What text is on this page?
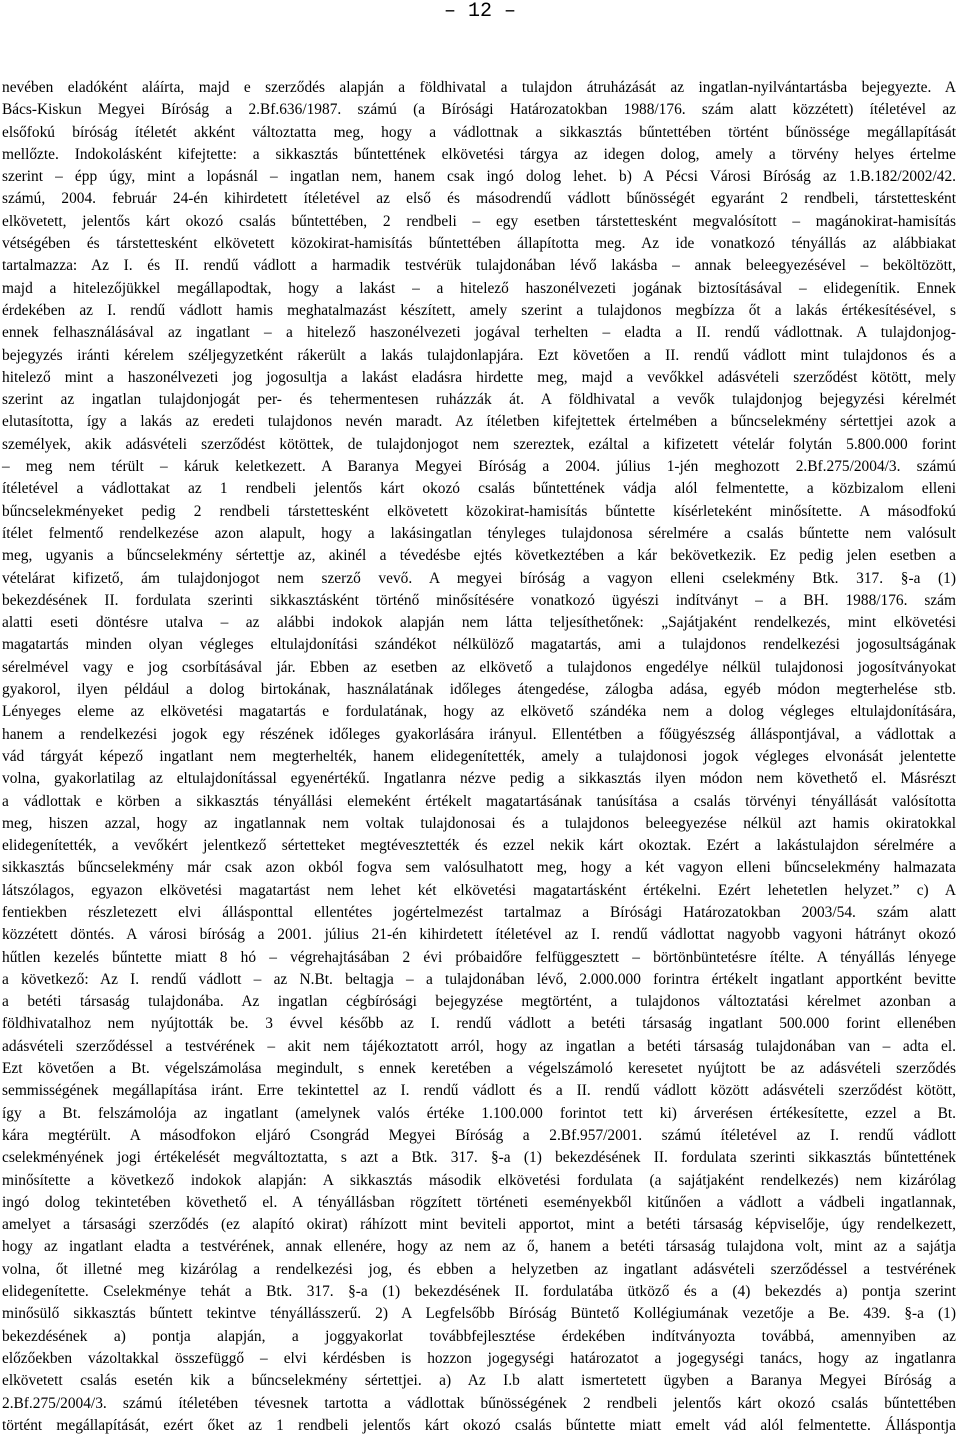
– 12 –
nevében eladóként aláírta, majd e szerződés alapján a földhivatal a tulajdon átruházását az ingatlan-nyilvántartásba bejegyezte. A
Bács-Kiskun Megyei Bíróság a 2.Bf.636/1987. számú (a Bírósági Határozatokban 1988/176. szám alatt közzétett) ítéletével az
elsőfokú bíróság ítéletét akként változtatta meg, hogy a vádlottnak a sikkasztás bűntettében történt bűnössége megállapítását
mellőzte. Indokolásként kifejtette: a sikkasztás bűntettének elkövetési tárgya az idegen dolog, amely a törvény helyes értelme
szerint – épp úgy, mint a lopásnál – ingatlan nem, hanem csak ingó dolog lehet. b) A Pécsi Városi Bíróság az 1.B.182/2002/42.
számú, 2004. február 24-én kihirdetett ítéletével az első és másodrendű vádlott bűnösségét egyaránt 2 rendbeli, társtettesként
elkövetett, jelentős kárt okozó csalás bűntettében, 2 rendbeli – egy esetben társtettesként megvalósított – magánokirat-hamisítás
vétségében és társtettesként elkövetett közokirat-hamisítás bűntettében állapította meg. Az ide vonatkozó tényállás az alábbiakat
tartalmazza: Az I. és II. rendű vádlott a harmadik testvérük tulajdonában lévő lakásba – annak beleegyezésével – beköltözött,
majd a hitelezőjükkel megállapodtak, hogy a lakást – a hitelező haszonélvezeti jogának biztosításával – elidegenítik. Ennek
érdekében az I. rendű vádlott hamis meghatalmazást készített, amely szerint a tulajdonos megbízza őt a lakás értékesítésével, s
ennek felhasználásával az ingatlant – a hitelező haszonélvezeti jogával terhelten – eladta a II. rendű vádlottnak. A tulajdonjog-
bejegyzés iránti kérelem széljegyzetként rákerült a lakás tulajdonlapjára. Ezt követően a II. rendű vádlott mint tulajdonos és a
hitelező mint a haszonélvezeti jog jogosultja a lakást eladásra hirdette meg, majd a vevőkkel adásvételi szerződést kötött, mely
szerint az ingatlan tulajdonjogát per- és tehermentesen ruházzák át. A földhivatal a vevők tulajdonjog bejegyzési kérelmét
elutasította, így a lakás az eredeti tulajdonos nevén maradt. Az ítéletben kifejtettek értelmében a bűncselekmény sértettjei azok a
személyek, akik adásvételi szerződést kötöttek, de tulajdonjogot nem szereztek, ezáltal a kifizetett vételár folytán 5.800.000 forint
– meg nem térült – káruk keletkezett. A Baranya Megyei Bíróság a 2004. július 1-jén meghozott 2.Bf.275/2004/3. számú
ítéletével a vádlottakat az 1 rendbeli jelentős kárt okozó csalás bűntettének vádja alól felmentette, a közbizalom elleni
bűncselekményeket pedig 2 rendbeli társtettesként elkövetett közokirat-hamisítás bűntette kísérleteként minősítette. A másodfokú
ítélet felmentő rendelkezése azon alapult, hogy a lakásingatlan tényleges tulajdonosa sérelmére a csalás bűntette nem valósult
meg, ugyanis a bűncselekmény sértettje az, akinél a tévedésbe ejtés következtében a kár bekövetkezik. Ez pedig jelen esetben a
vételárat kifizető, ám tulajdonjogot nem szerző vevő. A megyei bíróság a vagyon elleni cselekmény Btk. 317. §-a (1)
bekezdésének II. fordulata szerinti sikkasztásként történő minősítésére vonatkozó ügyészi indítványt – a BH. 1988/176. szám
alatti eseti döntésre utalva – az alábbi indokok alapján nem látta teljesíthetőnek: „Sajátjaként rendelkezés, mint elkövetési
magatartás minden olyan végleges eltulajdonítási szándékot nélkülöző magatartás, ami a tulajdonos rendelkezési jogosultságának
sérelmével vagy e jog csorbításával jár. Ebben az esetben az elkövető a tulajdonos engedélye nélkül tulajdonosi jogosítványokat
gyakorol, ilyen például a dolog birtokának, használatának időleges átengedése, zálogba adása, egyéb módon megterhelése stb.
Lényeges eleme az elkövetési magatartás e fordulatának, hogy az elkövető szándéka nem a dolog végleges eltulajdonítására,
hanem a rendelkezési jogok egy részének időleges gyakorlására irányul. Ellentétben a főügyészség álláspontjával, a vádlottak a
vád tárgyát képező ingatlant nem megterhelték, hanem elidegenítették, amely a tulajdonosi jogok végleges elvonását jelentette
volna, gyakorlatilag az eltulajdonítással egyenértékű. Ingatlanra nézve pedig a sikkasztás ilyen módon nem követhető el. Másrészt
a vádlottak e körben a sikkasztás tényállási elemeként értékelt magatartásának tanúsítása a csalás törvényi tényállását valósította
meg, hiszen azzal, hogy az ingatlannak nem voltak tulajdonosai és a tulajdonos beleegyezése nélkül azt hamis okiratokkal
elidegenítették, a vevőkért jelentkező sértetteket megtévesztették és ezzel nekik kárt okoztak. Ezért a lakástulajdon sérelmére a
sikkasztás bűncselekmény már csak azon okból fogva sem valósulhatott meg, hogy a két vagyon elleni bűncselekmény halmazata
látszólagos, egyazon elkövetési magatartást nem lehet két elkövetési magatartásként értékelni. Ezért lehetetlen helyzet.” c) A
fentiekben részletezett elvi állásponttal ellentétes jogértelmezést tartalmaz a Bírósági Határozatokban 2003/54. szám alatt
közzétett döntés. A városi bíróság a 2001. július 21-én kihirdetett ítéletével az I. rendű vádlottat nagyobb vagyoni hátrányt okozó
hűtlen kezelés bűntette miatt 8 hó – végrehajtásában 2 évi próbaidőre felfüggesztett – börtönbüntetésre ítélte. A tényállás lényege
a következő: Az I. rendű vádlott – az N.Bt. beltagja – a tulajdonában lévő, 2.000.000 forintra értékelt ingatlant apportként bevitte
a betéti társaság tulajdonába. Az ingatlan cégbírósági bejegyzése megtörtént, a tulajdonos változtatási kérelmet azonban a
földhivatalhoz nem nyújtották be. 3 évvel később az I. rendű vádlott a betéti társaság ingatlant 500.000 forint ellenében
adásvételi szerződéssel a testvérének – akit nem tájékoztatott arról, hogy az ingatlan a betéti társaság tulajdonában van – adta el.
Ezt követően a Bt. végelszámolása megindult, s ennek keretében a végelszámoló keresetet nyújtott be az adásvételi szerződés
semmisségének megállapítása iránt. Erre tekintettel az I. rendű vádlott és a II. rendű vádlott között adásvételi szerződést kötött,
így a Bt. felszámolója az ingatlant (amelynek valós értéke 1.100.000 forintot tett ki) árverésen értékesítette, ezzel a Bt.
kára megtérült. A másodfokon eljáró Csongrád Megyei Bíróság a 2.Bf.957/2001. számú ítéletével az I. rendű vádlott
cselekményének jogi értékelését megváltoztatta, s azt a Btk. 317. §-a (1) bekezdésének II. fordulata szerinti sikkasztás bűntettének
minősítette a következő indokok alapján: A sikkasztás második elkövetési fordulata (a sajátjaként rendelkezés) nem kizárólag
ingó dolog tekintetében követhető el. A tényállásban rögzített történeti eseményekből kitűnően a vádlott a vádbeli ingatlannak,
amelyet a társasági szerződés (ez alapító okirat) ráhízott mint beviteli apportot, mint a betéti társaság képviselője, úgy rendelkezett,
hogy az ingatlant eladta a testvérének, annak ellenére, hogy az nem az ő, hanem a betéti társaság tulajdona volt, mint az a sajátja
volna, őt illetné meg kizárólag a rendelkezési jog, és ebben a helyzetben az ingatlant adásvételi szerződéssel a testvérének
elidegenítette. Cselekménye tehát a Btk. 317. §-a (1) bekezdésének II. fordulatába ütköző és a (4) bekezdés a) pontja szerint
minősülő sikkasztás bűntett tekintve tényállásszerű. 2) A Legfelsőbb Bíróság Büntető Kollégiumának vezetője a Be. 439. §-a (1)
bekezdésének a) pontja alapján, a joggyakorlat továbbfejlesztése érdekében indítványozta továbbá, amennyiben az
előzőekben vázoltakkal összefüggő – elvi kérdésben is hozzon jogegységi határozatot a jogegységi tanács, hogy az ingatlanra
elkövetett csalás esetén kik a bűncselekmény sértettjei. a) Az I.b alatt ismertetett ügyben a Baranya Megyei Bíróság a
2.Bf.275/2004/3. számú ítéletében tévesnek tartotta a vádlottak bűnösségének 2 rendbeli jelentős kárt okozó csalás bűntettében
történt megállapítását, ezért őket az 1 rendbeli jelentős kárt okozó csalás bűntette miatt emelt vád alól felmentette. Álláspontja
